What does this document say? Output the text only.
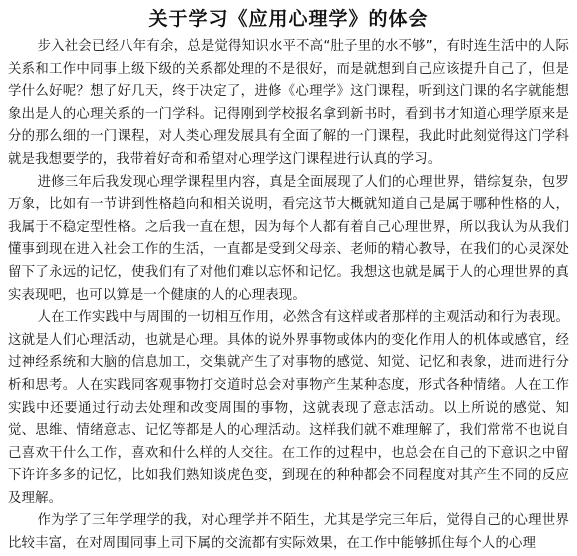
关于学习《应用心理学》的体会

步入社会已经八年有余，总是觉得知识水平不高“肚子里的水不够”，有时连生活中的人际关系和工作中同事上级下级的关系都处理的不是很好，而是就想到自己应该提升自己了，但是学什么好呢？想了好几天，终于决定了，进修《心理学》这门课程，听到这门课的名字就能想象出是人的心理关系的一门学科。记得刚到学校报名拿到新书时，看到书才知道心理学原来是分的那么细的一门课程，对人类心理发展具有全面了解的一门课程，我此时此刻觉得这门学科就是我想要学的，我带着好奇和希望对心理学这门课程进行认真的学习。

进修三年后我发现心理学课程里内容，真是全面展现了人们的心理世界，错综复杂，包罗万象，比如有一节讲到性格趋向和相关说明，看完这节大概就知道自己是属于哪种性格的人，我属于不稳定型性格。之后我一直在想，因为每个人都有着自己心理世界，所以我认为从我们懂事到现在进入社会工作的生活，一直都是受到父母亲、老师的精心教导，在我们的心灵深处留下了永远的记忆，使我们有了对他们难以忘怀和记忆。我想这也就是属于人的心理世界的真实表现吧，也可以算是一个健康的人的心理表现。

人在工作实践中与周围的一切相互作用，必然含有这样或者那样的主观活动和行为表现。这就是人们心理活动，也就是心理。具体的说外界事物或体内的变化作用人的机体或感官，经过神经系统和大脑的信息加工，交集就产生了对事物的感觉、知觉、记忆和表象，进而进行分析和思考。人在实践同客观事物打交道时总会对事物产生某种态度，形式各种情绪。人在工作实践中还要通过行动去处理和改变周围的事物，这就表现了意志活动。以上所说的感觉、知觉、思维、情绪意志、记忆等都是人的心理活动。这样我们就不难理解了，我们常常不也说自己喜欢干什么工作，喜欢和什么样的人交往。在工作的过程中，也总会在自己的下意识之中留下许许多多的记忆，比如我们熟知谈虎色变，到现在的种种都会不同程度对其产生不同的反应及理解。

作为学了三年学理学的我，对心理学并不陌生，尤其是学完三年后，觉得自己的心理世界比较丰富，在对周围同事上司下属的交流都有实际效果，在工作中能够抓住每个人的心理
